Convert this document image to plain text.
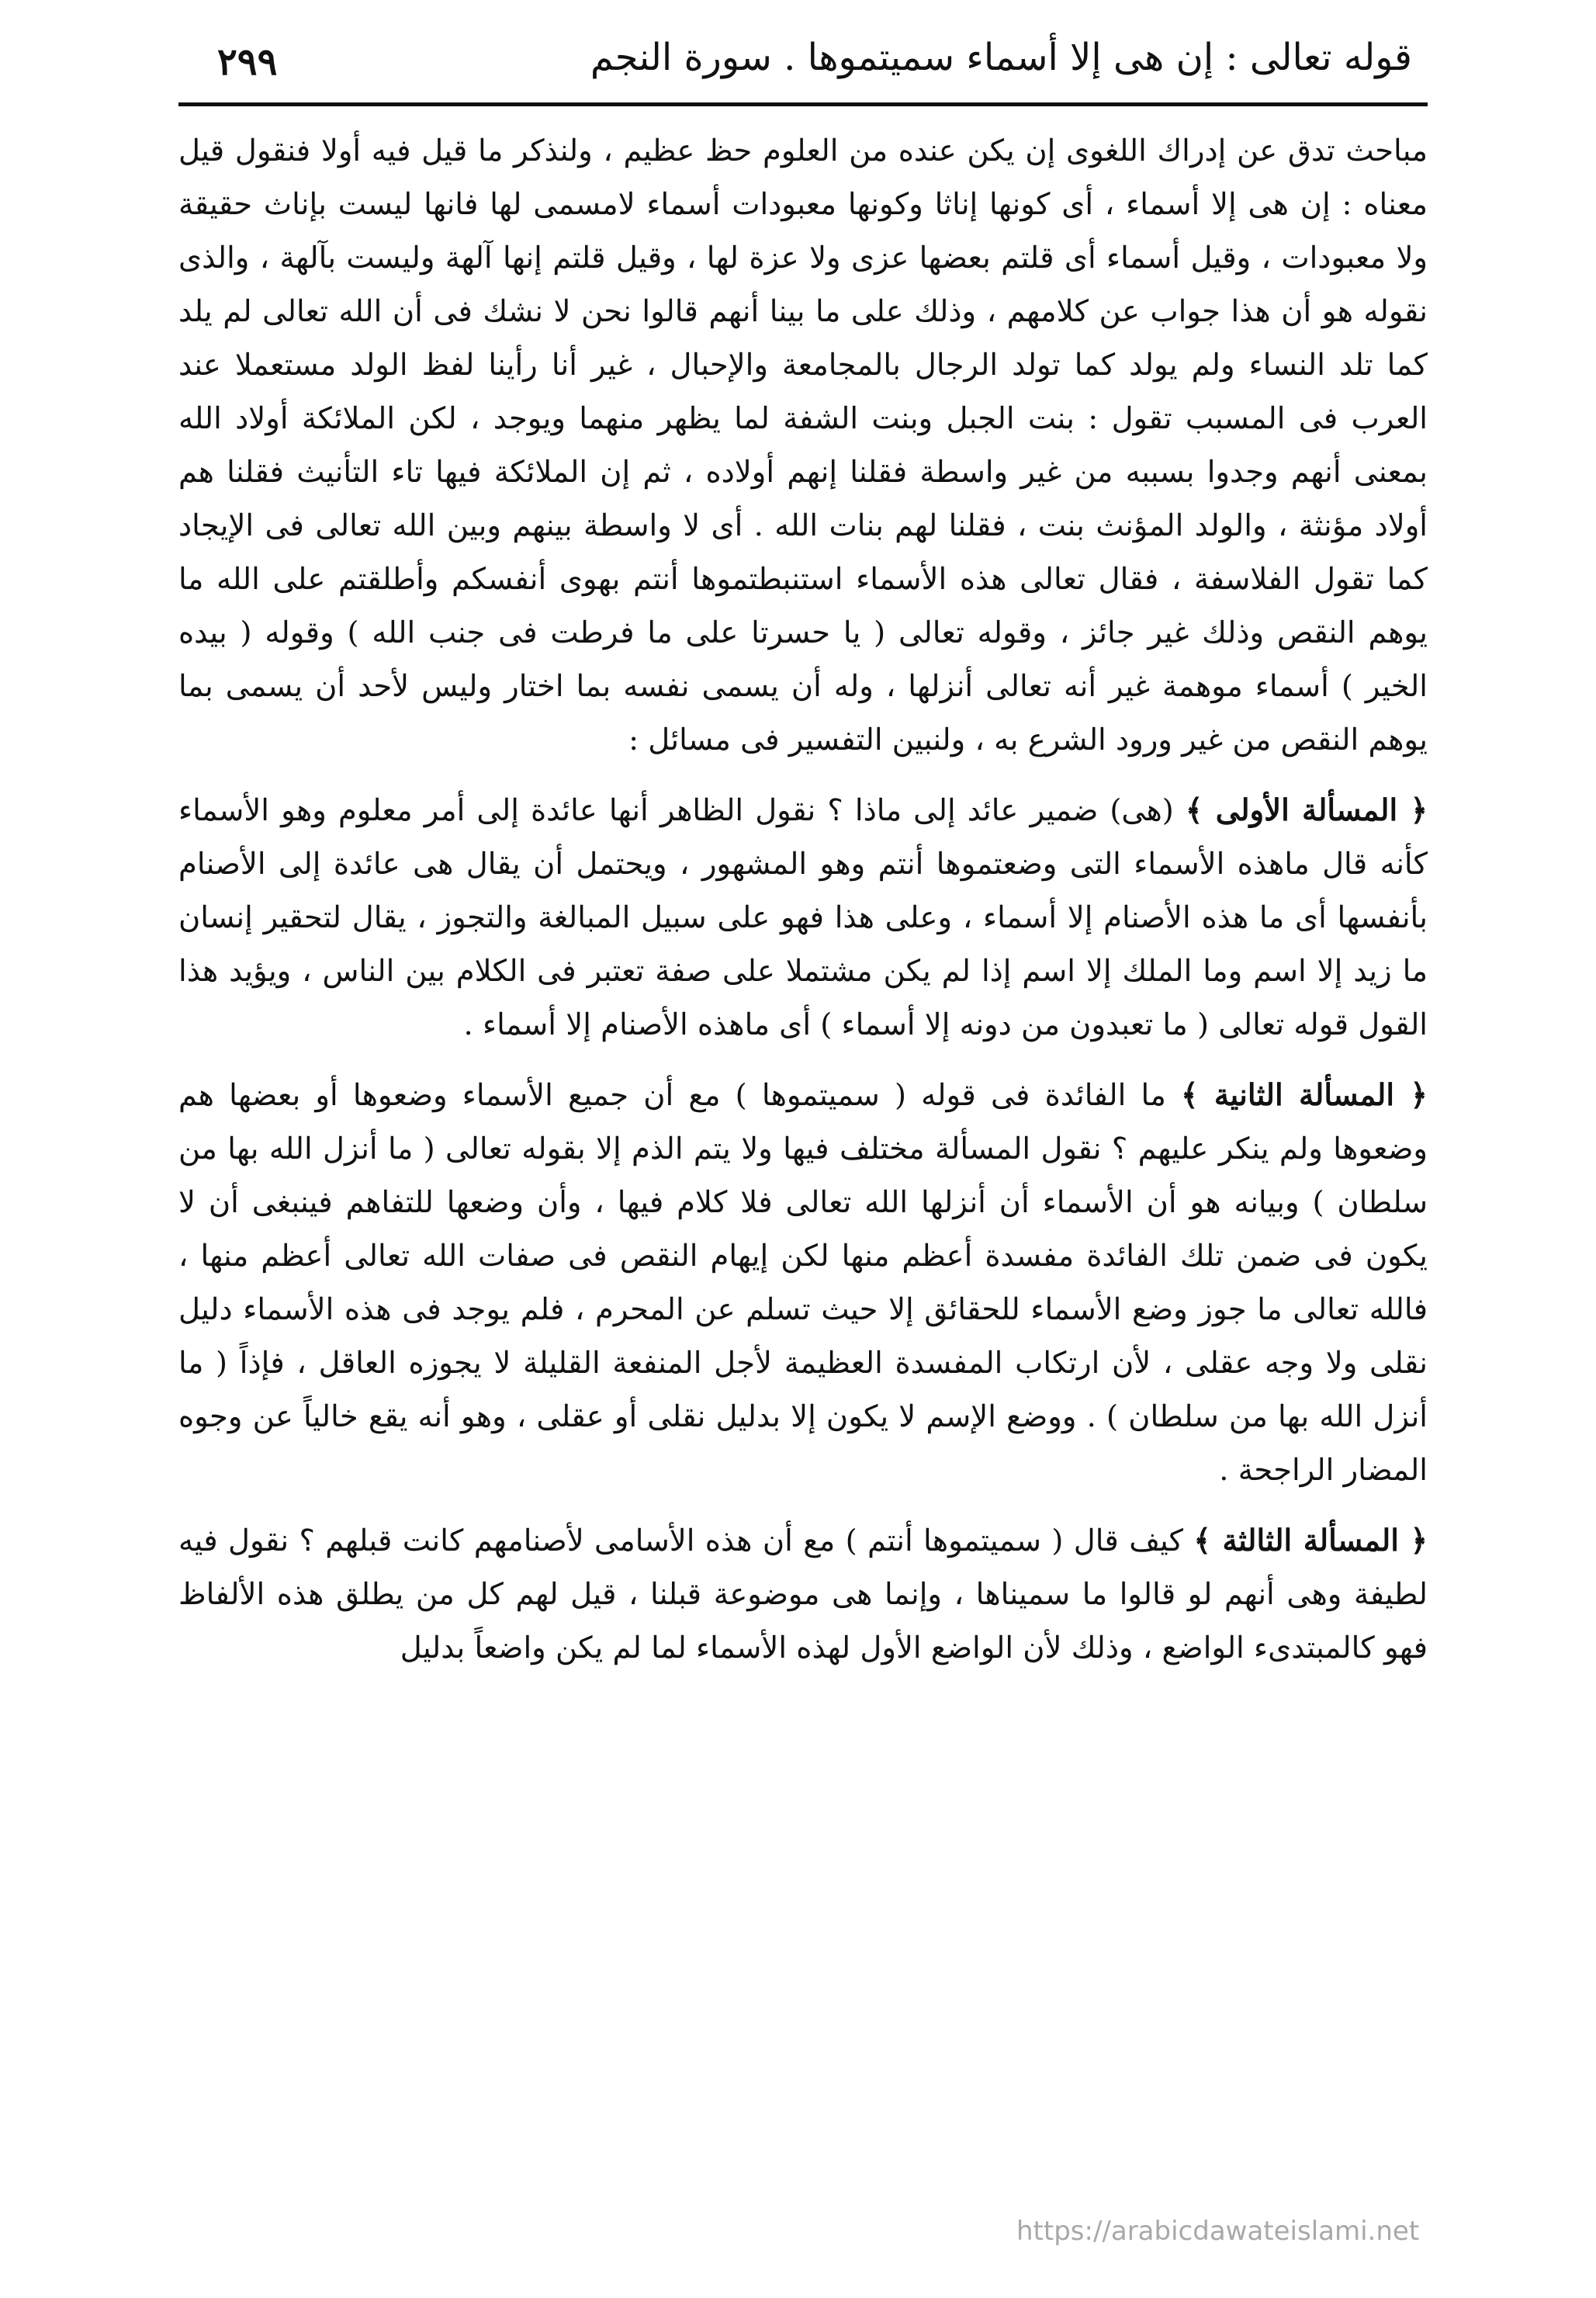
قوله تعالى : إن هى إلا أسماء سميتموها . سورة النجم
٢٩٩

مباحث تدق عن إدراك اللغوى إن يكن عنده من العلوم حظ عظيم ، ولنذكر ما قيل فيه أولا فنقول قيل معناه : إن هى إلا أسماء ، أى كونها إناثا وكونها معبودات أسماء لامسمى لها فانها ليست بإناث حقيقة ولا معبودات ، وقيل أسماء أى قلتم بعضها عزى ولا عزة لها ، وقيل قلتم إنها آلهة وليست بآلهة ، والذى نقوله هو أن هذا جواب عن كلامهم ، وذلك على ما بينا أنهم قالوا نحن لا نشك فى أن الله تعالى لم يلد كما تلد النساء ولم يولد كما تولد الرجال بالمجامعة والإحبال ، غير أنا رأينا لفظ الولد مستعملا عند العرب فى المسبب تقول : بنت الجبل وبنت الشفة لما يظهر منهما ويوجد ، لكن الملائكة أولاد الله بمعنى أنهم وجدوا بسببه من غير واسطة فقلنا إنهم أولاده ، ثم إن الملائكة فيها تاء التأنيث فقلنا هم أولاد مؤنثة ، والولد المؤنث بنت ، فقلنا لهم بنات الله . أى لا واسطة بينهم وبين الله تعالى فى الإيجاد كما تقول الفلاسفة ، فقال تعالى هذه الأسماء استنبطتموها أنتم بهوى أنفسكم وأطلقتم على الله ما يوهم النقص وذلك غير جائز ، وقوله تعالى ( يا حسرتا على ما فرطت فى جنب الله ) وقوله ( بيده الخير ) أسماء موهمة غير أنه تعالى أنزلها ، وله أن يسمى نفسه بما اختار وليس لأحد أن يسمى بما يوهم النقص من غير ورود الشرع به ، ولنبين التفسير فى مسائل :

﴿ المسألة الأولى ﴾ (هى) ضمير عائد إلى ماذا ؟ نقول الظاهر أنها عائدة إلى أمر معلوم وهو الأسماء كأنه قال ماهذه الأسماء التى وضعتموها أنتم وهو المشهور ، ويحتمل أن يقال هى عائدة إلى الأصنام بأنفسها أى ما هذه الأصنام إلا أسماء ، وعلى هذا فهو على سبيل المبالغة والتجوز ، يقال لتحقير إنسان ما زيد إلا اسم وما الملك إلا اسم إذا لم يكن مشتملا على صفة تعتبر فى الكلام بين الناس ، ويؤيد هذا القول قوله تعالى ( ما تعبدون من دونه إلا أسماء ) أى ماهذه الأصنام إلا أسماء .

﴿ المسألة الثانية ﴾ ما الفائدة فى قوله ( سميتموها ) مع أن جميع الأسماء وضعوها أو بعضها هم وضعوها ولم ينكر عليهم ؟ نقول المسألة مختلف فيها ولا يتم الذم إلا بقوله تعالى ( ما أنزل الله بها من سلطان ) وبيانه هو أن الأسماء أن أنزلها الله تعالى فلا كلام فيها ، وأن وضعها للتفاهم فينبغى أن لا يكون فى ضمن تلك الفائدة مفسدة أعظم منها لكن إيهام النقص فى صفات الله تعالى أعظم منها ، فالله تعالى ما جوز وضع الأسماء للحقائق إلا حيث تسلم عن المحرم ، فلم يوجد فى هذه الأسماء دليل نقلى ولا وجه عقلى ، لأن ارتكاب المفسدة العظيمة لأجل المنفعة القليلة لا يجوزه العاقل ، فإذاً ( ما أنزل الله بها من سلطان ) . ووضع الإسم لا يكون إلا بدليل نقلى أو عقلى ، وهو أنه يقع خالياً عن وجوه المضار الراجحة .

﴿ المسألة الثالثة ﴾ كيف قال ( سميتموها أنتم ) مع أن هذه الأسامى لأصنامهم كانت قبلهم ؟ نقول فيه لطيفة وهى أنهم لو قالوا ما سميناها ، وإنما هى موضوعة قبلنا ، قيل لهم كل من يطلق هذه الألفاظ فهو كالمبتدىء الواضع ، وذلك لأن الواضع الأول لهذه الأسماء لما لم يكن واضعاً بدليل

https://arabicdawateislami.net
